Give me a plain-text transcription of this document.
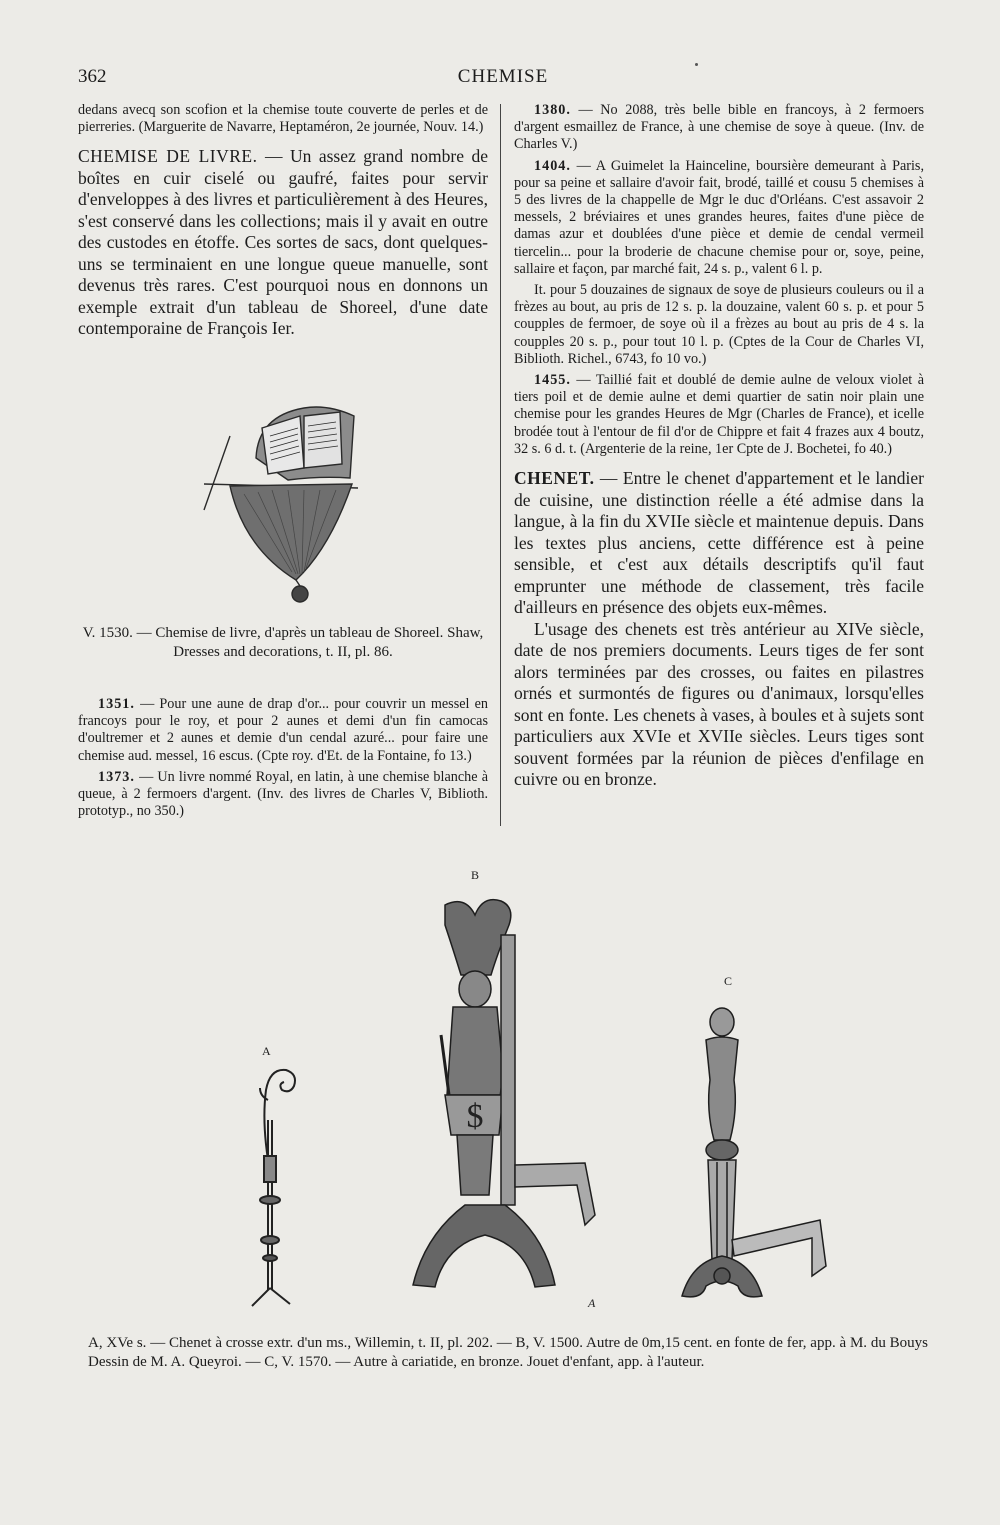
362	CHEMISE

dedans avecq son scofion et la chemise toute couverte de perles et de pierreries. (Marguerite de Navarre, Heptaméron, 2e journée, Nouv. 14.)

CHEMISE DE LIVRE. — Un assez grand nombre de boîtes en cuir ciselé ou gaufré, faites pour servir d'enveloppes à des livres et particulièrement à des Heures, s'est conservé dans les collections; mais il y avait en outre des custodes en étoffe. Ces sortes de sacs, dont quelques-uns se terminaient en une longue queue manuelle, sont devenus très rares. C'est pourquoi nous en donnons un exemple extrait d'un tableau de Shoreel, d'une date contemporaine de François Ier.

V. 1530. — Chemise de livre, d'après un tableau de Shoreel. Shaw, Dresses and decorations, t. II, pl. 86.

1351. — Pour une aune de drap d'or... pour couvrir un messel en francoys pour le roy, et pour 2 aunes et demi d'un fin camocas d'oultremer et 2 aunes et demie d'un cendal azuré... pour faire une chemise aud. messel, 16 escus. (Cpte roy. d'Et. de la Fontaine, fo 13.)

1373. — Un livre nommé Royal, en latin, à une chemise blanche à queue, à 2 fermoers d'argent. (Inv. des livres de Charles V, Biblioth. prototyp., no 350.)

1380. — No 2088, très belle bible en francoys, à 2 fermoers d'argent esmaillez de France, à une chemise de soye à queue. (Inv. de Charles V.)

1404. — A Guimelet la Hainceline, boursière demeurant à Paris, pour sa peine et sallaire d'avoir fait, brodé, taillé et cousu 5 chemises à 5 des livres de la chappelle de Mgr le duc d'Orléans. C'est assavoir 2 messels, 2 bréviaires et unes grandes heures, faites d'une pièce de damas azur et doublées d'une pièce et demie de cendal vermeil tiercelin... pour la broderie de chacune chemise pour or, soye, peine, sallaire et façon, par marché fait, 24 s. p., valent 6 l. p.

It. pour 5 douzaines de signaux de soye de plusieurs couleurs ou il a frèzes au bout, au pris de 12 s. p. la douzaine, valent 60 s. p. et pour 5 coupples de fermoer, de soye où il a frèzes au bout au pris de 4 s. la coupples 20 s. p., pour tout 10 l. p. (Cptes de la Cour de Charles VI, Biblioth. Richel., 6743, fo 10 vo.)

1455. — Taillié fait et doublé de demie aulne de veloux violet à tiers poil et de demie aulne et demi quartier de satin noir plain une chemise pour les grandes Heures de Mgr (Charles de France), et icelle brodée tout à l'entour de fil d'or de Chippre et fait 4 frazes aux 4 boutz, 32 s. 6 d. t. (Argenterie de la reine, 1er Cpte de J. Bochetei, fo 40.)

CHENET. — Entre le chenet d'appartement et le landier de cuisine, une distinction réelle a été admise dans la langue, à la fin du XVIIe siècle et maintenue depuis. Dans les textes plus anciens, cette différence est à peine sensible, et c'est aux détails descriptifs qu'il faut emprunter une méthode de classement, très facile d'ailleurs en présence des objets eux-mêmes.

L'usage des chenets est très antérieur au XIVe siècle, date de nos premiers documents. Leurs tiges de fer sont alors terminées par des crosses, ou faites en pilastres ornés et surmontés de figures ou d'animaux, lorsqu'elles sont en fonte. Les chenets à vases, à boules et à sujets sont particuliers aux XVIe et XVIIe siècles. Leurs tiges sont souvent formées par la réunion de pièces d'enfilage en cuivre ou en bronze.

B
C
A
$
A
A, XVe s. — Chenet à crosse extr. d'un ms., Willemin, t. II, pl. 202. — B, V. 1500. Autre de 0m,15 cent. en fonte de fer, app. à M. du Bouys Dessin de M. A. Queyroi. — C, V. 1570. — Autre à cariatide, en bronze. Jouet d'enfant, app. à l'auteur.
